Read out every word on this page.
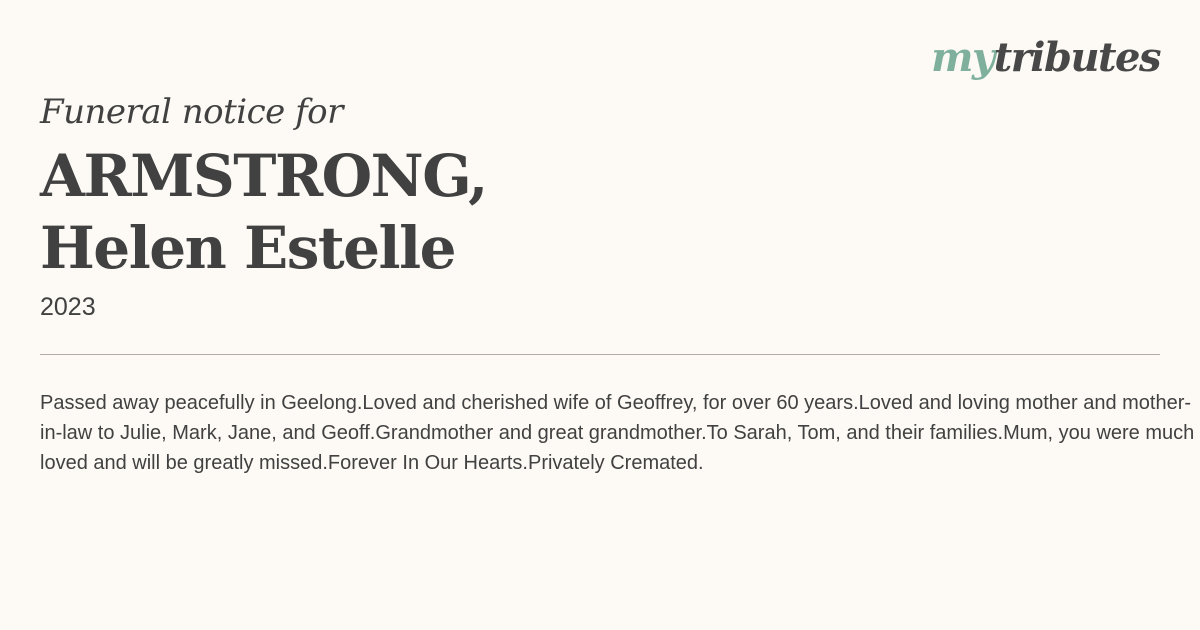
mytributes
Funeral notice for
ARMSTRONG,
Helen Estelle
2023

Passed away peacefully in Geelong.Loved and cherished wife of Geoffrey, for over 60 years.Loved and loving mother and mother-in-law to Julie, Mark, Jane, and Geoff.Grandmother and great grandmother.To Sarah, Tom, and their families.Mum, you were much loved and will be greatly missed.Forever In Our Hearts.Privately Cremated.
